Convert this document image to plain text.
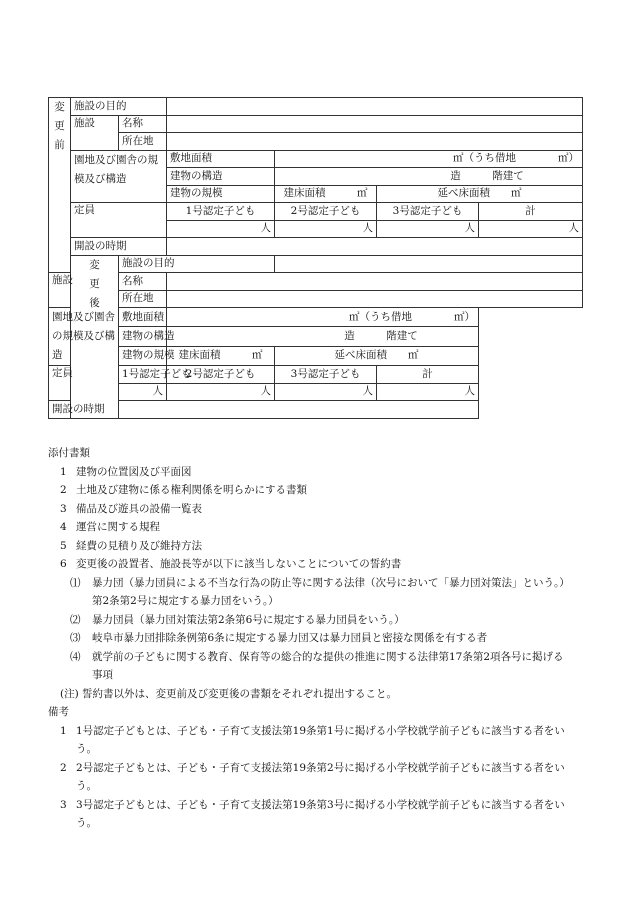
変
更
前	施設の目的					
	施設	名称				
		所在地				
	園地及び園舎の規模及び構造		敷地面積	㎡（うち借地　　　　㎡）		
			建物の構造	造　　　階建て		
			建物の規模	建床面積　　　㎡	延べ床面積　　㎡	
	定員		1号認定子ども	2号認定子ども	3号認定子ども	計
			人	人	人	人
	開設の時期					

	変
更
後	施設の目的				
施設		名称				
		所在地				
園地及び園舎の規模及び構造		敷地面積	㎡（うち借地　　　　㎡）			
		建物の構造	造　　　階建て			
		建物の規模	建床面積　　　㎡	延べ床面積　　㎡		
定員		1号認定子ども	2号認定子ども	3号認定子ども	計	
		人	人	人	人	
開設の時期						

添付書類

1 建物の位置図及び平面図

2 土地及び建物に係る権利関係を明らかにする書類

3 備品及び遊具の設備一覧表

4 運営に関する規程

5 経費の見積り及び維持方法

6 変更後の設置者、施設長等が以下に該当しないことについての誓約書

⑴ 暴力団（暴力団員による不当な行為の防止等に関する法律（次号において「暴力団対策法」という。）

第2条第2号に規定する暴力団をいう。）

⑵ 暴力団員（暴力団対策法第2条第6号に規定する暴力団員をいう。）

⑶ 岐阜市暴力団排除条例第6条に規定する暴力団又は暴力団員と密接な関係を有する者

⑷ 就学前の子どもに関する教育、保育等の総合的な提供の推進に関する法律第17条第2項各号に掲げる

事項

(注) 誓約書以外は、変更前及び変更後の書類をそれぞれ提出すること。

備考

1 1号認定子どもとは、子ども・子育て支援法第19条第1号に掲げる小学校就学前子どもに該当する者をい

う。

2 2号認定子どもとは、子ども・子育て支援法第19条第2号に掲げる小学校就学前子どもに該当する者をい

う。

3 3号認定子どもとは、子ども・子育て支援法第19条第3号に掲げる小学校就学前子どもに該当する者をい

う。
